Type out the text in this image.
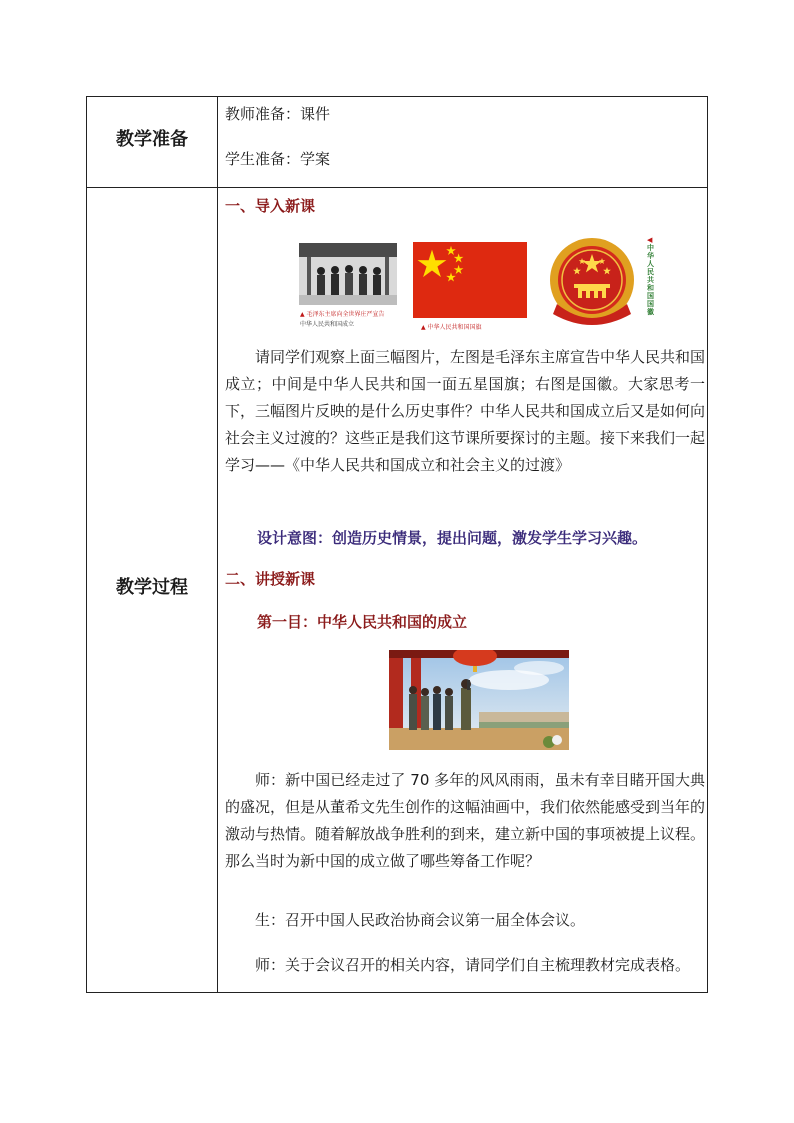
教学准备
教师准备：课件
学生准备：学案
教学过程
一、导入新课
▲ 毛泽东主席向全世界庄严宣告
中华人民共和国成立	▲ 中华人民共和国国旗
◀
中华人民共和国国徽
请同学们观察上面三幅图片，左图是毛泽东主席宣告中华人民共和国成立；中间是中华人民共和国一面五星国旗；右图是国徽。大家思考一下，三幅图片反映的是什么历史事件？中华人民共和国成立后又是如何向社会主义过渡的？这些正是我们这节课所要探讨的主题。接下来我们一起学习——《中华人民共和国成立和社会主义的过渡》
设计意图：创造历史情景，提出问题，激发学生学习兴趣。
二、讲授新课
第一目：中华人民共和国的成立
师：新中国已经走过了 70 多年的风风雨雨，虽未有幸目睹开国大典的盛况，但是从董希文先生创作的这幅油画中，我们依然能感受到当年的激动与热情。随着解放战争胜利的到来，建立新中国的事项被提上议程。那么当时为新中国的成立做了哪些筹备工作呢？
生：召开中国人民政治协商会议第一届全体会议。
师：关于会议召开的相关内容，请同学们自主梳理教材完成表格。
